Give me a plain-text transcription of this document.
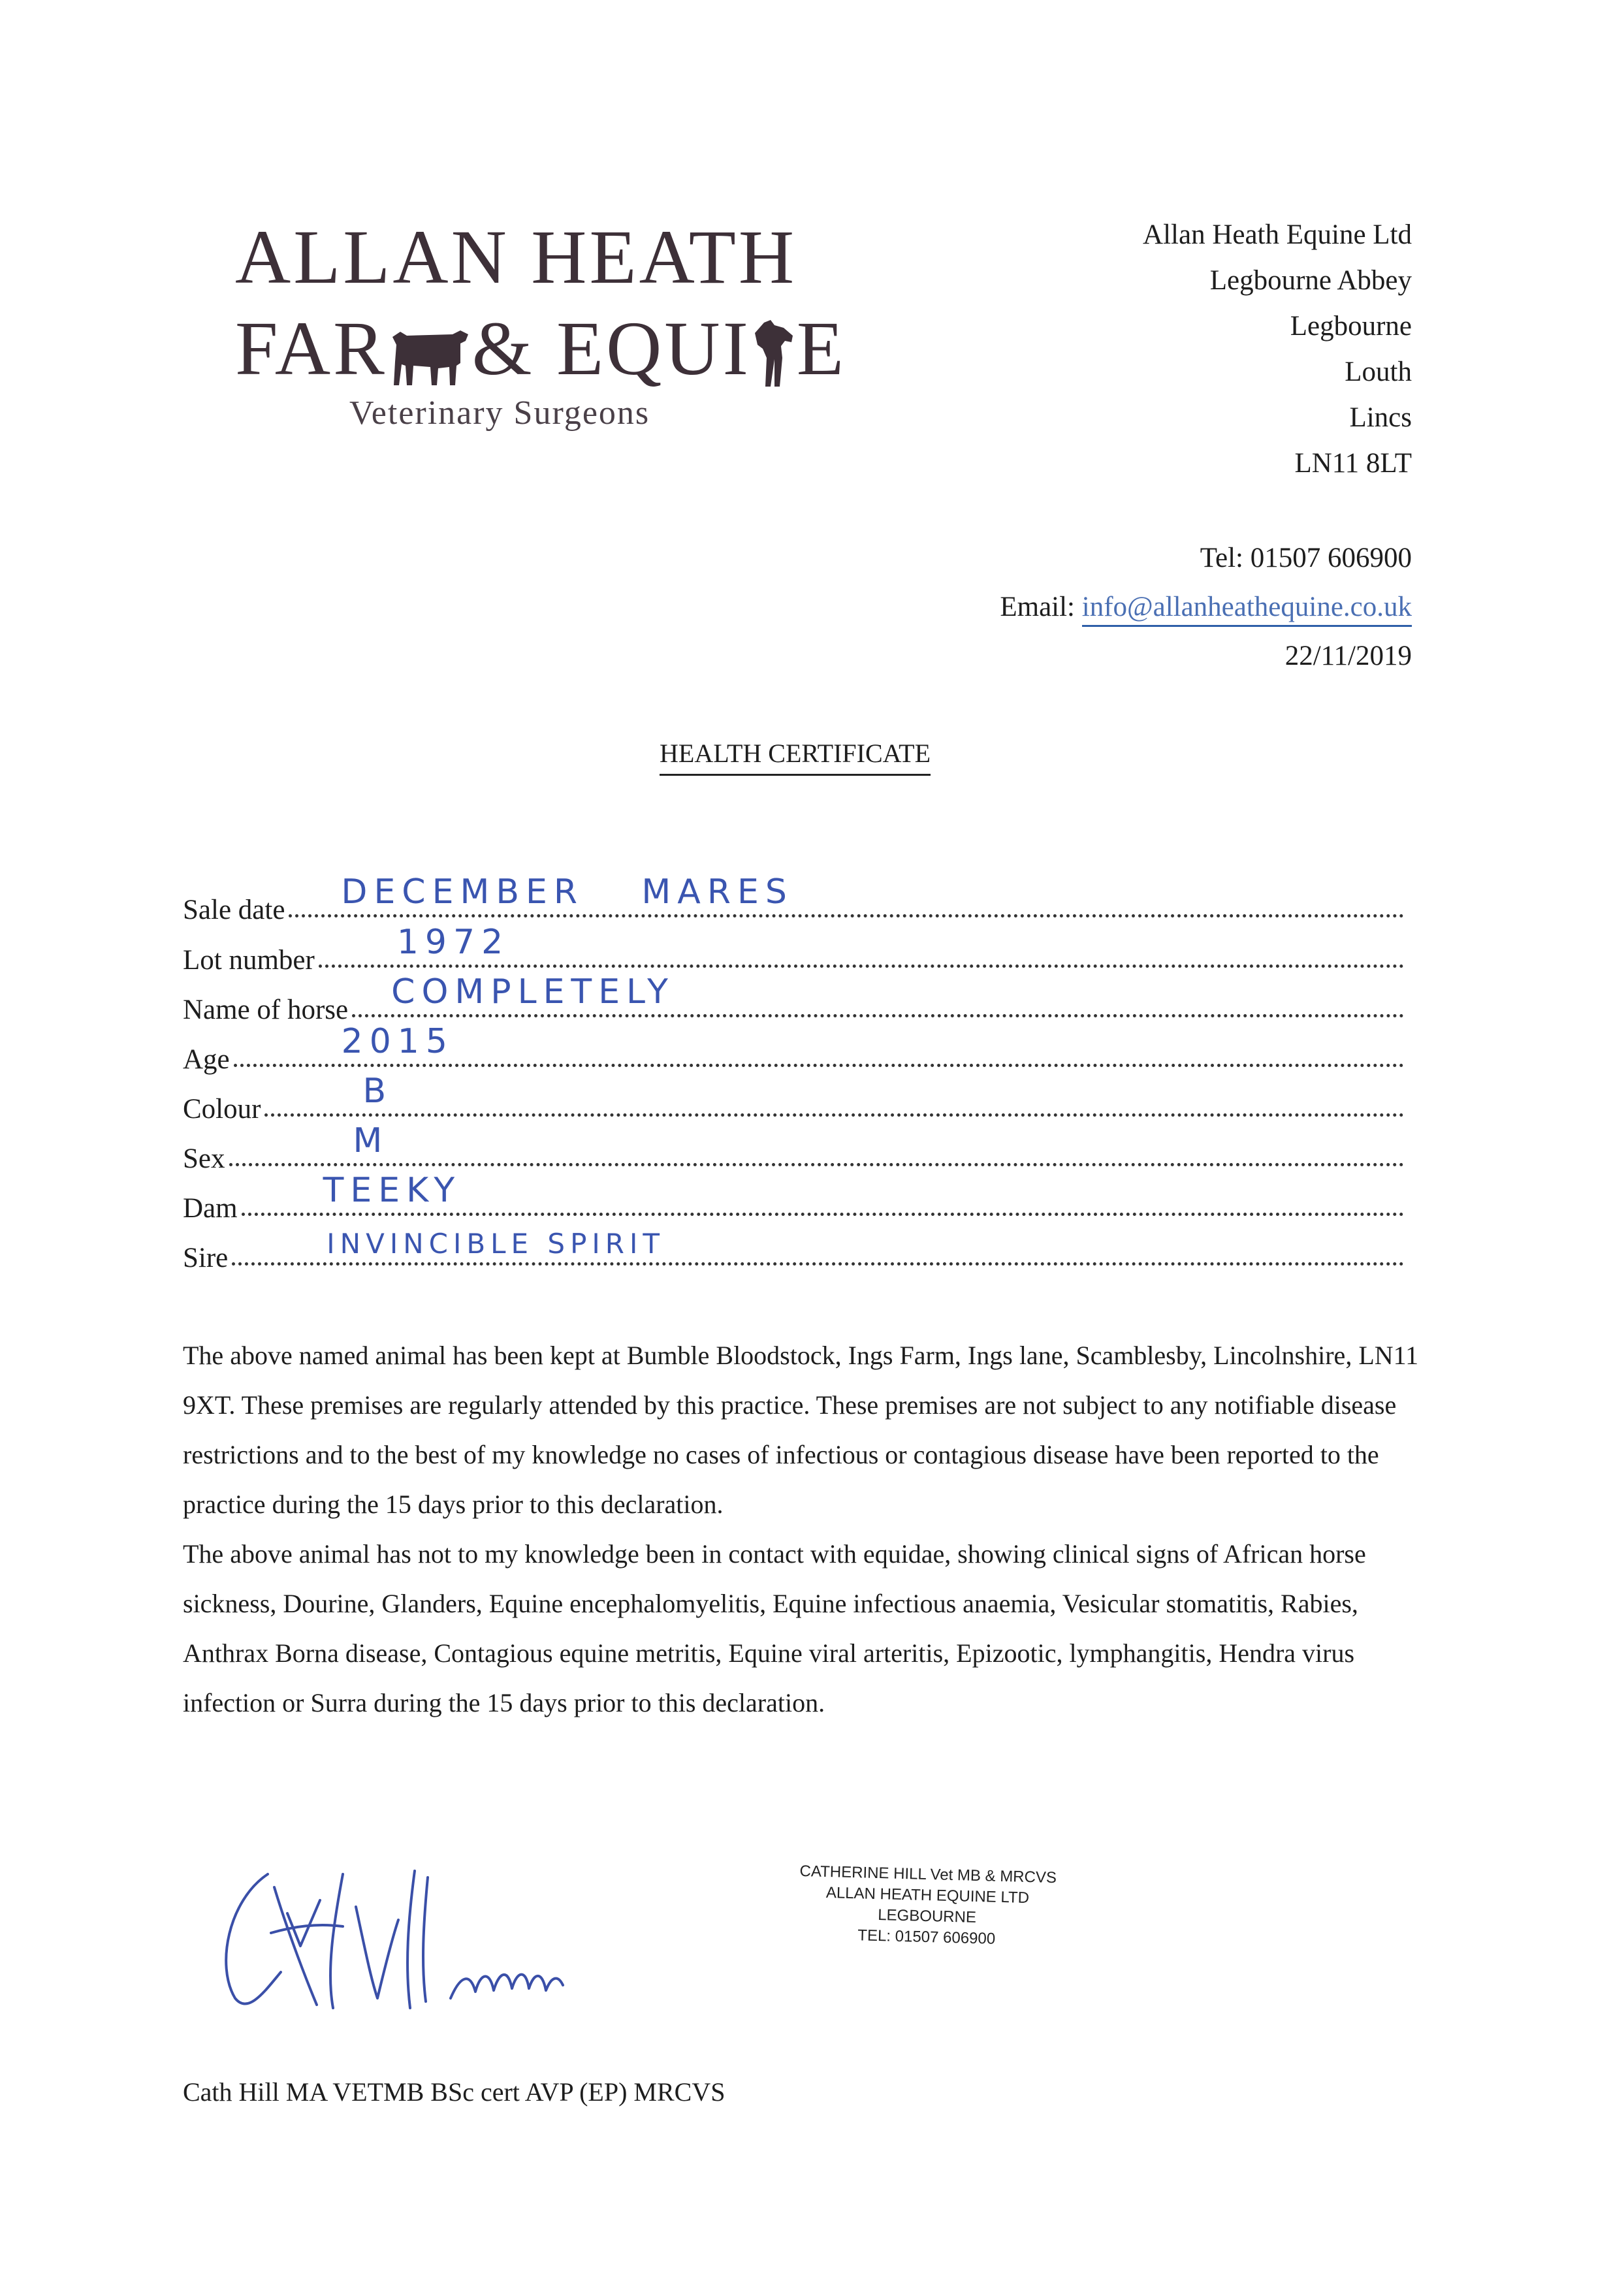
ALLAN HEATH
FAR & EQUI E
Veterinary Surgeons
Allan Heath Equine Ltd
Legbourne Abbey
Legbourne
Louth
Lincs
LN11 8LT
Tel: 01507 606900
Email: info@allanheathequine.co.uk
22/11/2019
HEALTH CERTIFICATE
Sale date DECEMBER MARES
Lot number 1972
Name of horse COMPLETELY
Age	2015
Colour	B
Sex	M
Dam	TEEKY
Sire	INVINCIBLE SPIRIT

The above named animal has been kept at Bumble Bloodstock, Ings Farm, Ings lane, Scamblesby, Lincolnshire, LN11 9XT. These premises are regularly attended by this practice. These premises are not subject to any notifiable disease restrictions and to the best of my knowledge no cases of infectious or contagious disease have been reported to the practice during the 15 days prior to this declaration.

The above animal has not to my knowledge been in contact with equidae, showing clinical signs of African horse sickness, Dourine, Glanders, Equine encephalomyelitis, Equine infectious anaemia, Vesicular stomatitis, Rabies, Anthrax Borna disease, Contagious equine metritis, Equine viral arteritis, Epizootic, lymphangitis, Hendra virus infection or Surra during the 15 days prior to this declaration.

CATHERINE HILL Vet MB & MRCVS
ALLAN HEATH EQUINE LTD
LEGBOURNE
TEL: 01507 606900
Cath Hill MA VETMB BSc cert AVP (EP) MRCVS
